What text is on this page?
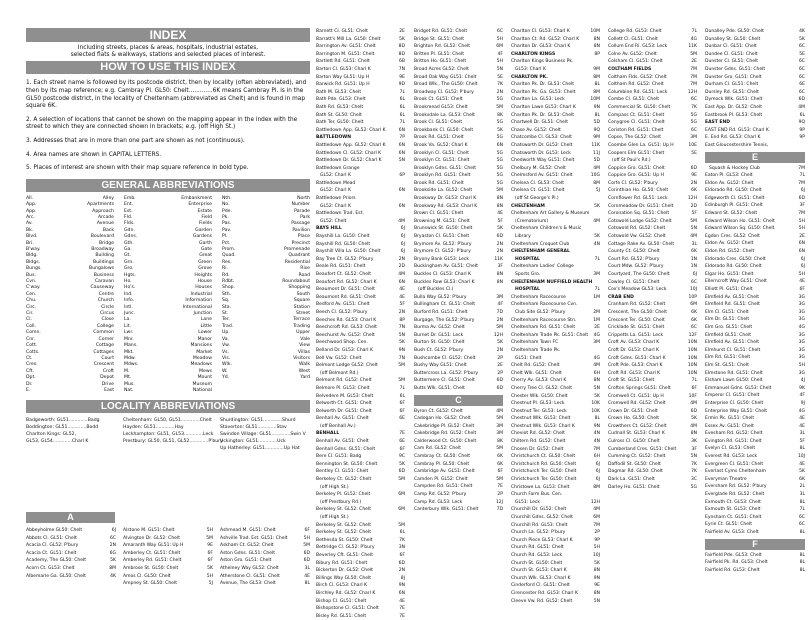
INDEX
Including streets, places & areas, hospitals, industrial estates,
selected flats & walkways, stations and selected places of interest.
HOW TO USE THIS INDEX

1. Each street name is followed by its postcode district, then by locality (often abbreviated), and then by its map reference; e.g. Cambray Pl. GL50: Chelt.............6K means Cambray Pl. is in the GL50 postcode district, in the locality of Cheltenham (abbreviated as Chelt) and is found in map square 6K.

2. A selection of locations that cannot be shown on the mapping appear in the index with the street to which they are connected shown in brackets; e.g. (off High St.)

3. Addresses that are in more than one part are shown as not (continuous).

4. Area names are shown in CAPITAL LETTERS.

5. Places of interest are shown with their map square reference in bold type.

GENERAL ABBREVIATIONS
All.	Alley
App.	Apartments
App.	Approach
Arc.	Arcade
Av.	Avenue
Bk.	Back
Blvd.	Boulevard
Bri.	Bridge
B'way.	Broadway
Bldg.	Building
Bldgs.	Buildings
Bungs.	Bungalows
Bus.	Business
Cvn.	Caravan
C'way.	Causeway
Cen.	Centre
Chu.	Church
Circ.	Circle
Cir.	Circus
Cl.	Close
Coll.	College
Comn.	Common
Cnr.	Corner
Cott.	Cottage
Cotts.	Cottages
Ct.	Court
Cres.	Crescent
Cft.	Croft
Dpt.	Depot
Dr.	Drive
E.	East
Emb.	Embankment
Ent.	Enterprise
Est.	Estate
Fld.	Field
Flds.	Fields
Gdn.	Garden
Gdns.	Gardens
Gth.	Garth
Ga.	Gate
Gt.	Great
Grn.	Green
Gro.	Grove
Hgts.	Heights
Ho.	House
Ho's.	Houses
Ind.	Industrial
Info.	Information
Intl.	International
Junc.	Junction
La.	Lane
Lit.	Little
Lwr.	Lower
Mnr.	Manor
Mans.	Mansions
Mkt.	Market
Mdw.	Meadow
Mdws.	Meadows
M.	Mews
Mt.	Mount
Mus.	Museum
Nat.	National
Nth.	North
No.	Number
Pde.	Parade
Pk.	Park
Pas.	Passage
Pav.	Pavilion
Pl.	Place
Pct.	Precinct
Prom.	Promenade
Quad.	Quadrant
Res.	Residential
Ri.	Rise
Rd.	Road
Rdbt.	Roundabout
Shop.	Shopping
Sth.	South
Sq.	Square
Sta.	Station
St.	Street
Ter.	Terrace
Trad.	Trading
Up.	Upper
Va.	Vale
Vw.	View
Vs.	Villas
Vis.	Visitors
Wlk.	Walk
W.	West
Yd.	Yard
LOCALITY ABBREVIATIONS
Badgeworth: GL51.............Badg
Boddington: GL51.............Bodd
Charlton Kings: GL52,
GL53, GL54.............Charl K
Cheltenham: GL50, GL51.............Chelt
Hayden: GL51.............Hay
Leckhampton: GL51, GL53.............Leck
Prestbury: GL50, GL51, GL52.............P'bury
Shurdington: GL51.............Shurd
Staverton: GL51.............Stav
Swindon Village: GL51.............Swin V
Uckington: GL51.............Uck
Up Hatherley: GL51.............Up Hat
A
Abbeyholme GL50: Chelt	6J
Abbots Cl. GL51: Chelt	6C
Acacia Cl. GL52: P'bury	2N
Acacia Ct. GL51: Chelt	6G
Academy, The GL50: Chelt	5K
Acorn Ct. GL53: Chelt	8M
Albemarle Ga. GL50: Chelt	4K
Alstone M. GL51: Chelt	5H
Alvington Dr. GL52: Chelt	5M
Amaranth Way GL51: Up H	9E
Amberley Ct. GL51: Chelt	6F
Amberley Rd. GL51: Chelt	6F
Ambrose St. GL50: Chelt	5K
Amos Cl. GL50: Chelt	5H
Ampney St. GL50: Chelt	5J
Ashmead M. GL51: Chelt	6F
Ashville Trad. Est. GL51: Chelt	5H
Askham Ct. GL52: Chelt	5M
Aston Gdns. GL51: Chelt	6D
Aston Gro. GL51: Chelt	6D
Athelney Way GL52: Chelt	3L
Atherstone Cl. GL51: Chelt	4E
Avenue, The GL53: Chelt	8L
Barnett Cl. GL51: Chelt	2E
Barratt's Mill La. GL50: Chelt	5K
Barrington Av. GL51: Chelt	8D
Barrington M. GL51: Chelt	8D
Bartlett Rd. GL51: Chelt	6B
Barton Cl. GL53: Charl K	7N
Barton Way GL51: Up H	9E
Barwick Rd. GL51: Up H	9D
Bath M. GL53: Chelt	7L
Bath Pde. GL53: Chelt	6L
Bath Rd. GL53: Chelt	6L
Bath St. GL50: Chelt	6L
Bath Ter. GL50: Chelt	7L
Battledown App. GL52: Charl K	6N
BATTLEDOWN	7P
Battledown App. GL52: Charl K	6N
Battledown Cl. GL52: Charl K	6N
Battledown Dr. GL52: Charl K	5N
Battledown Grange
GL52: Charl K	6P
Battledown Mead
GL52: Charl K	6N
Battledown Priors
GL52: Charl K	6N
Battledown Trad. Est.
GL52: Chelt	4M
BAYS HILL	6J
Bayshill La. GL50: Chelt	6J
Bayshill Rd. GL50: Chelt	6J
Bayshill Villa La. GL50: Chelt	6J
Bay Tree Ct. GL52: P'bury	2N
Beale Rd. GL51: Chelt	2D
Beaufort Ct. GL52: Chelt	4M
Beaufort Rd. GL52: Charl K	6N
Beaumont Dr. GL51: Chelt	4E
Beaumont Rd. GL51: Chelt	4E
Bedford Av. GL51: Chelt	5F
Beech Cl. GL52: P'bury	2N
Beeches Rd. GL53: Charl K	8P
Beechcroft Rd. GL53: Chelt	7N
Beechurst Av. GL52: Chelt	5N
Beechwood Shop. Cen.	5K
Belland Dr. GL53: Charl K	9N
Bell Vw. GL52: Chelt	7N
Belmont Lodge GL52: Chelt	5M
(off Belmont Rd.)
Belmont Rd. GL52: Chelt	5M
Belmore Pl. GL53: Chelt	7L
Belvedere M. GL53: Chelt	6L
Belworth Ct. GL51: Chelt	6F
Belworth Dr. GL51: Chelt	6F
Benhall Av. GL51: Chelt	6E
(off Benhall Av.)
BENHALL	7E
Benhall Av. GL51: Chelt	6E
Benhall Gdns. GL51: Chelt	6F
Bere Cl. GL51: Badg	9C
Bennington St. GL50: Chelt	5K
Bentley Cl. GL51: Chelt	6D
Berkeley Ct. GL52: Chelt	5M
(off High St.)
Berkeley Pl. GL52: Chelt	6M
(off Prestbury Rd.)
Berkeley St. GL52: Chelt	6M
(off High St.)
Berkeley St. GL52: Chelt	5M
Berkeley St. GL52: Chelt	6L
Bethesda St. GL50: Chelt	7K
Bettridge Cl. GL52: P'bury	3N
Beverley Cft. GL51: Chelt	6F
Bibury Rd. GL51: Chelt	6D
Bickerton Dr. GL52: Chelt	2N
Billings Way GL50: Chelt	8J
Birch Cl. GL53: Charl K	9N
Birchley Rd. GL52: Charl K	6N
Bishop Cl. GL51: Chelt	4E
Bishopstone Cl. GL51: Chelt	7E
Bisley Rd. GL51: Chelt	7E
Bridget Rd. GL51: Chelt	6C
Bridge St. GL51: Chelt	5H
Brighton Rd. GL52: Chelt	6M
Britten Pl. GL51: Chelt	4F
Britton Ho. GL51: Chelt	5H
Broad Acres GL52: Chelt	5N
Broad Oak Way GL51: Chelt	5E
Broad Wlk., The GL50: Chelt	7K
Broadway Cl. GL52: P'bury	2N
Brook Ct. GL51: Chelt	5G
Brookmead GL53: Chelt	5M
Brooksdale La. GL53: Chelt	8K
Brook Cl. GL51: Chelt	5G
Brookbank Cl. GL50: Chelt	5K
Brook Rd. GL51: Chelt	5G
Brook Va. GL52: Charl K	6N
Brooklyn Cl. GL51: Chelt	5G
Brooklyn Ct. GL51: Chelt	5G
Brooklyn Gdns. GL51: Chelt	5G
Brooklyn Rd. GL51: Chelt	5G
Brook Rd. GL51: Chelt	5G
Brookside La. GL52: Chelt	5M
Brookway Dr. GL53: Charl K	8N
Brookway Rd. GL53: Charl K	8N
Brown Cl. GL51: Chelt	4E
Browning M. GL51: Chelt	5F
Brunswick St. GL50: Chelt	5K
Bryaston Cl. GL51: Chelt	6D
Brymore Av. GL52: P'bury	2N
Brymore Cl. GL52: P'bury	2N
Bryony Bank GL53: Leck	11K
Buckingham Av. GL51: Chelt	3F
Buckles Cl. GL53: Charl K	8N
Buckles Row GL53: Charl K	8N
(off Buckles Cl.)
Bulla Way GL52: P'bury	3M
Bullingham Ct. GL51: Chelt	4F
Burford Rd. GL51: Chelt	7D
Burgage, The GL52: P'bury	2N
Burma Av. GL52: Chelt	5M
Burnet Dr. GL51: Leck	12H
Burton St. GL50: Chelt	5K
Bush Ct. GL52: P'bury	2N
Bushcombe Cl. GL52: Chelt	2P
Bushy Way GL51: Chelt	2E
Buttercross La. GL52: P'bury	2P
Buttermere Cl. GL51: Chelt	6D
Butts Wlk. GL51: Chelt	6D
C
Byron Ct. GL52: Chelt	4M
Cadogan Ho. GL52: Chelt	5M
Cakebridge Pl. GL52: Chelt	3M
Cakebridge Rd. GL52: Chelt	3M
Calderwood Ct. GL50: Chelt	8K
Cam Rd. GL52: Chelt	5M
Cambray Ct. GL50: Chelt	6K
Cambray Pl. GL50: Chelt	6K
Cambridge Av. GL51: Chelt	6F
Camden Pl. GL52: Chelt	5M
Campden Rd. GL51: Chelt	7E
Camp Rd. GL52: P'bury	2P
Camp Rd. GL53: Leck	12J
Canterbury Wlk. GL51: Chelt	7D
Charlton Cl. GL53: Charl K	10M
Charlton Ct. Rd. GL52: Charl K	8N
Charlton Dr. GL53: Charl K	8N
CHARLTON KINGS	8P
Charlton Kings Business Pk.
GL53: Charl K	9M
CHARLTON PK.	8M
Charlton Pk. Dr. GL53: Chelt	8L
Charlton Pk. Ga. GL53: Chelt	8M
Charlton La. GL53: Leck	10M
Charlton Lawn GL53: Charl K	9N
Charlton Pk. Dr. GL53: Chelt	8L
Chartwell Dr. GL51: Chelt	5D
Chase Av. GL52: Chelt	9Q
Chatcombe Cl. GL53: Chelt	9M
Chatsworth Dr. GL53: Chelt	11K
Chatsworth Dr. GL53: Leck	11J
Chedworth Way GL51: Chelt	5D
Chelbury M. GL52: Chelt	4M
Chelmsford Av. GL51: Chelt	10G
Chelsea Cl. GL53: Chelt	8M
Chelsea Ct. GL51: Chelt	5J
(off St George's Pl.)
CHELTENHAM	5K
Cheltenham Art Gallery & Museum
(Crematorium)	4M
Cheltenham Children's & Music
Library	5K
Cheltenham Croquet Club	4N
CHELTENHAM GENERAL
HOSPITAL	7L
Cheltenham Ladies' College
Sports Gro.	3M
CHELTENHAM NUFFIELD HEALTH
HOSPITAL	7L
Cheltenham Racecourse	1M
Cheltenham Racecourse Cvn.
Club Site GL52: P'bury	2M
Cheltenham Racecourse Stn.	1M
Cheltenham Rd. GL51: Chelt	2E
Cheltenham Trade Pk. GL51: Chelt 4G
Cheltenham Town FC	3M
Cheltenham Trade Pk.
GL51: Chelt	4G
Chelt Rd. GL52: Chelt	4M
Chelt Wlk. GL51: Chelt	6H
Cherry Av. GL53: Charl K	8N
Cherry Tree Cl. GL52: Chelt	5N
Chester Wlk. GL50: Chelt	5K
Chestnut Pl. GL53: Leck	10K
Chestnut Ter. GL53: Leck	10K
Chestnut Wlk. GL53: Chelt	8L
Chestnut Wlk. GL53: Charl K	9N
Cheviot Rd. GL52: Chelt	4N
Chiltern Rd. GL52: Chelt	4N
Chosen Dr. GL52: Chelt	7M
Christchurch Ct. GL50: Chelt	6H
Christchurch Rd. GL50: Chelt	6J
Christchurch Ter. GL50: Chelt	6J
Christchurch Ter. GL50: Chelt	6J
Christowe La. GL53: Chelt	8M
Church Farm Bus. Cen.
GL51: Leck	12H
Churchill Dr. GL52: Chelt	4M
Churchill Gdns. GL52: Chelt	6M
Churchill Rd. GL53: Chelt	7M
Church La. GL52: P'bury	2P
Church Piece GL53: Charl K	9P
Church Rd. GL51: Chelt	5H
Church Rd. GL53: Leck	10J
Church St. GL50: Chelt	5K
Church St. GL53: Charl K	8N
Church Wlk. GL53: Charl K	9N
Cinderford Cl. GL51: Chelt	9E
Cirencester Rd. GL53: Charl K	8N
Cleeve Vw. Rd. GL52: Chelt	5N
College Rd. GL53: Chelt	7L
Collett Cl. GL51: Chelt	4G
Collum End Ri. GL53: Leck	11K
Colne Av. GL52: Chelt	5M
Colsham Cl. GL51: Chelt	2E
COLTHAM FIELDS	7M
Coltham Flds. GL52: Chelt	7M
Coltham Rd. GL52: Chelt	7M
Columbine Rd. GL51: Leck	12H
Combe Cl. GL51: Chelt	6C
Commercial St. GL50: Chelt	7K
Compass Ct. GL51: Chelt	5G
Conygree Cl. GL51: Chelt	5G
Coriston Rd. GL51: Chelt	6C
Copse, The GL52: Chelt	3M
Coombe Glen La. GL51: Up H	10E
Coopers Elm GL51: Chelt	5E
(off St Paul's Rd.)
Coppice Gro. GL51: Chelt	6D
Coppice Gro. GL51: Up H	9E
Corfe Cl. GL52: P'bury	2N
Corinthian Ho. GL50: Chelt	6K
Cornflower Rd. GL51: Leck	12H
Cornmeadow Dr. GL51: Chelt	2D
Coronation Sq. GL51: Chelt	5F
Cotswold Lodge GL52: Chelt	5M
Cotswold Rd. GL52: Chelt	5N
Cotswold Vw. GL52: Chelt	4M
Cottage Rake Av. GL50: Chelt	3L
County Ct. GL50: Chelt	6K
Court Rd. GL52: P'bury	1N
Court Mdw. GL52: P'bury	1N
Courtyard, The GL50: Chelt	6J
Cowley Cl. GL51: Chelt	6C
Cox's Meadow GL53: Leck	10J
CRAB END	10P
Cranham Rd. GL52: Chelt	6M
Crescent, The GL50: Chelt	6K
Crescent Ter. GL50: Chelt	6K
Cricklade St. GL51: Chelt	6C
Crippetts La. GL51: Leck	12F
Croft Av. GL53: Charl K	10N
Croft Dr. GL53: Charl K	10N
Croft Gdns. GL53: Charl K	10N
Croft Pde. GL53: Charl K	10N
Croft Rd. GL53: Charl K	10N
Croft St. GL53: Chelt	7L
Crofton Springs GL51: Chelt	6F
Cromwell Ct. GL51: Up H	10F
Cromwell Rd. GL52: Chelt	4M
Crown Dr. GL51: Chelt	6D
Crown Ho. GL50: Chelt	5K
Crowthers Ct. GL52: Chelt	4M
Cudnall St. GL53: Charl K	8N
Culross Cl. GL50: Chelt	3K
Cumberland Cres. GL51: Chelt	3F
Cumming Ct. GL52: Chelt	5N
Daffodil St. GL50: Chelt	7K
Dagmar Rd. GL50: Chelt	7K
Dark La. GL51: Chelt	3C
Darley Ho. GL51: Chelt	5G
Dunalley Pde. GL50: Chelt	4K
Dunalley St. GL50: Chelt	5K
Dunbar Cl. GL51: Chelt	6C
Dundee Cl. GL51: Chelt	5E
Dunster Cl. GL51: Chelt	6C
Dunster Gdns. GL51: Chelt	6C
Dunster Gro. GL51: Chelt	6C
Durham Cl. GL51: Chelt	6E
Dursley Rd. GL51: Chelt	6C
Dymock Wlk. GL51: Chelt	6D
East App. Dr. GL52: Chelt	4M
Eastbrook Pl. GL53: Chelt	6L
EAST END	9Q
EAST END Rd. GL53: Charl K	9P
E. End Rd. GL53: Charl K	9P
East Gloucestershire Tennis,
E
Squash & Hockey Club	7M
Eaton Pl. GL53: Chelt	7L
Eldon Av. GL52: Chelt	7M
Eldorado Rd. GL50: Chelt	6J
Edgeworth Cl. GL51: Chelt	6D
Edinburgh Pl. GL51: Chelt	3F
Edward St. GL52: Chelt	7M
Edward Wilson Ho. GL51: Chelt	5H
Edward Wilson Sq. GL50: Chelt	5H
Egdon Cres. GL52: Chelt	2E
Eldon Av. GL52: Chelt	6N
Eldon Rd. GL52: Chelt	6N
Eldorado Cres. GL50: Chelt	6J
Eldorado Rd. GL50: Chelt	6J
Elgar Ho. GL51: Chelt	5H
Ellerncroft Way GL51: Chelt	4E
Elliott Pl. GL51: Chelt	6F
Elmfield Av. GL51: Chelt	3G
Elmfield Rd. GL51: Chelt	3G
Elm Cl. GL51: Chelt	3G
Elm Dr. GL51: Chelt	3G
Elm Gro. GL51: Chelt	4G
Elmfield GL51: Chelt	3G
Elmfield Av. GL51: Chelt	3G
Elmhurst Cl. GL51: Chelt	3G
Elm Rd. GL51: Chelt	3G
Elm St. GL51: Chelt	5H
Elmstone Rd. GL51: Chelt	3G
Elsham Lawn GL50: Chelt	4J
Emmanuel Gdns. GL53: Chelt	9K
Emperor Cl. GL51: Chelt	4F
Enterprise Cl. GL50: Chelt	9J
Enterprise Way GL51: Chelt	4G
Ermin Pk. GL51: Chelt	4E
Essex Av. GL51: Chelt	4E
Evesham Rd. GL52: Chelt	3L
Evington Rd. GL51: Chelt	5F
Evelyn Cl. GL53: Chelt	8L
Everest Rd. GL53: Leck	10J
Evergreen Cl. GL51: Chelt	4E
Everlast Cyms Cheltenham	5K
Everyman Theatre	6K
Eversham Rd. GL52: P'bury	2L
Everglade Rd. GL52: Chelt	3L
Exmouth Ct. GL53: Chelt	8L
Exmouth St. GL53: Chelt	7L
Eynsham Ct. GL51: Chelt	6C
Eyrie Ct. GL51: Chelt	6C
Fairfield Av. GL53: Chelt	8L
F
Fairfield Pde. GL53: Chelt	8L
Fairfield Pk. Rd. GL53: Chelt	8L
Fairfield Rd. GL53: Chelt	8L
